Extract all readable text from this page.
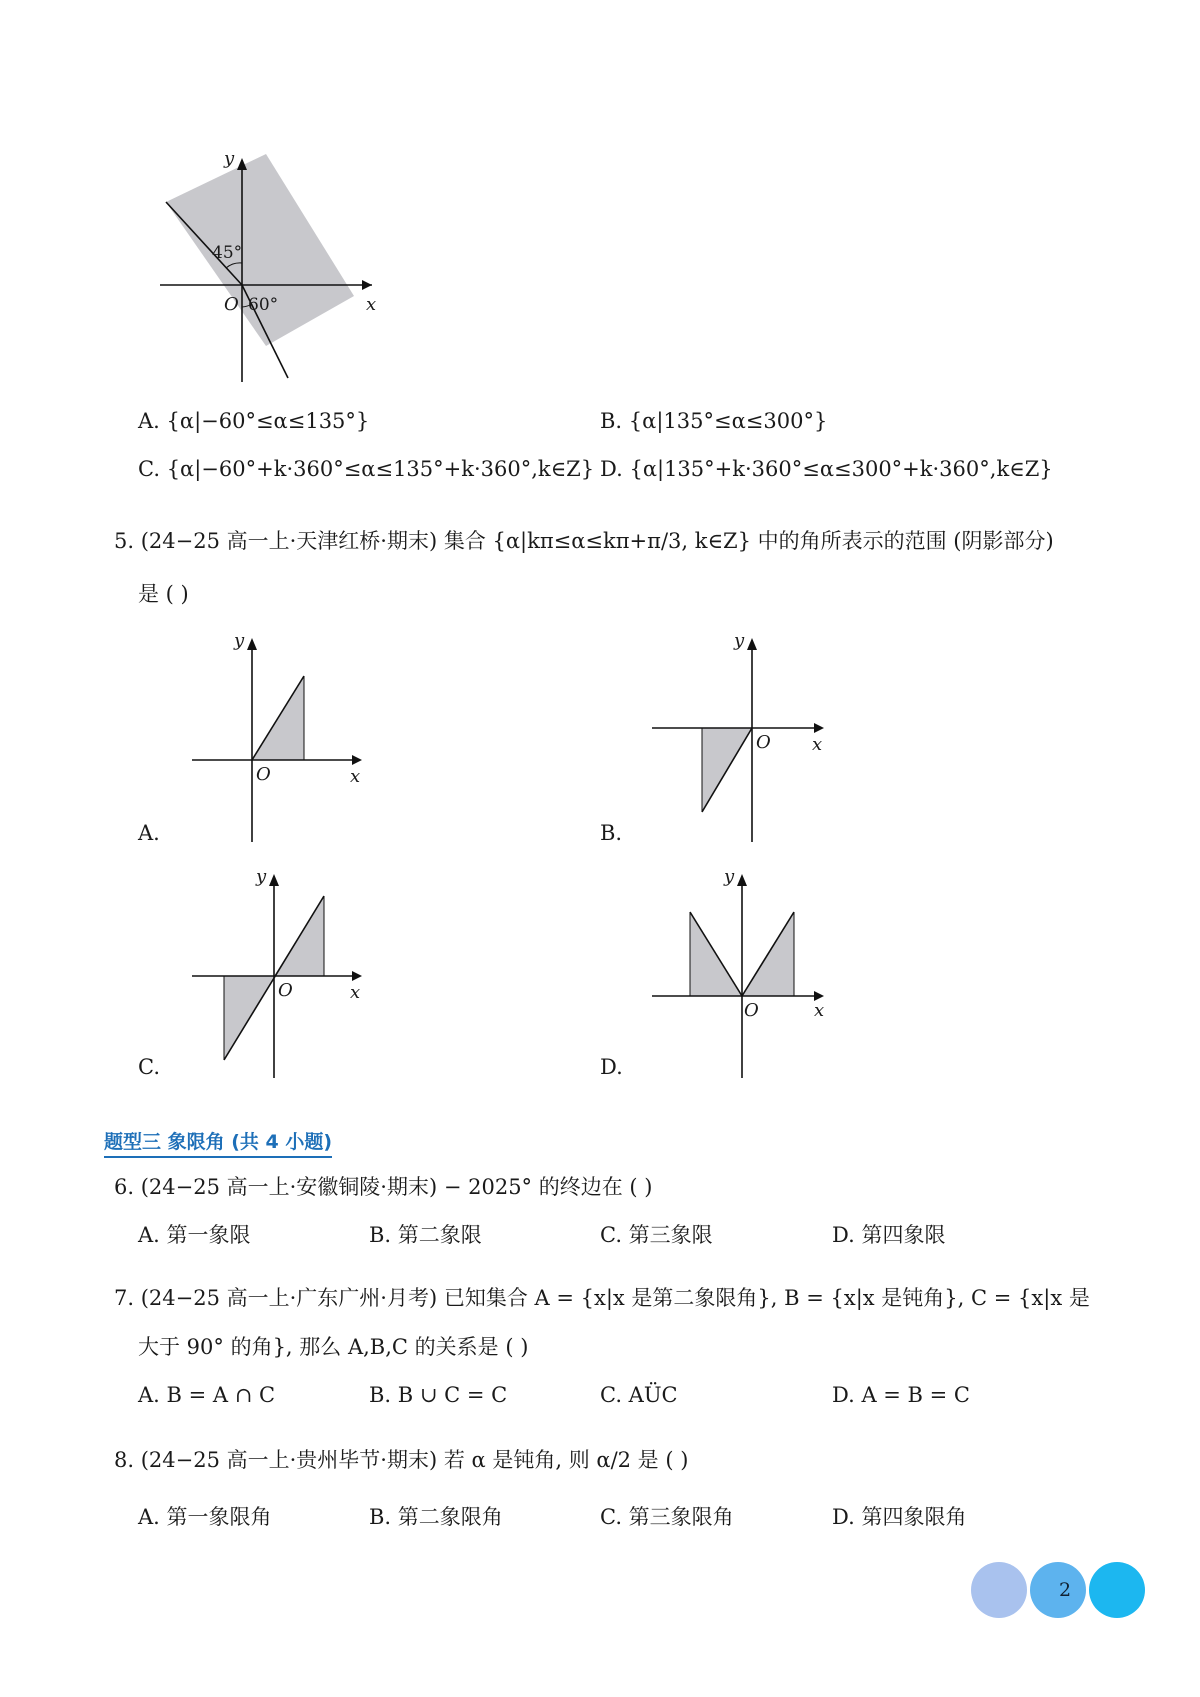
y
x
O
45°
60°
A. {α|−60°≤α≤135°}	B. {α|135°≤α≤300°}
C. {α|−60°+k·360°≤α≤135°+k·360°,k∈Z} D. {α|135°+k·360°≤α≤300°+k·360°,k∈Z}
5. (24−25 高一上·天津红桥·期末) 集合 {α|kπ≤α≤kπ+π/3, k∈Z} 中的角所表示的范围 (阴影部分)
是 ( )
y
x
O
A.
y
x
O
B.
y
x
O
C.
y
x
O
D.
题型三 象限角 (共 4 小题)
6. (24−25 高一上·安徽铜陵·期末) − 2025° 的终边在 ( )
A. 第一象限	B. 第二象限	C. 第三象限	D. 第四象限
7. (24−25 高一上·广东广州·月考) 已知集合 A = {x|x 是第二象限角}, B = {x|x 是钝角}, C = {x|x 是
大于 90° 的角}, 那么 A,B,C 的关系是 ( )
A. B = A ∩ C	B. B ∪ C = C	C. AÜC	D. A = B = C
8. (24−25 高一上·贵州毕节·期末) 若 α 是钝角, 则 α/2 是 ( )
A. 第一象限角	B. 第二象限角	C. 第三象限角	D. 第四象限角
2
